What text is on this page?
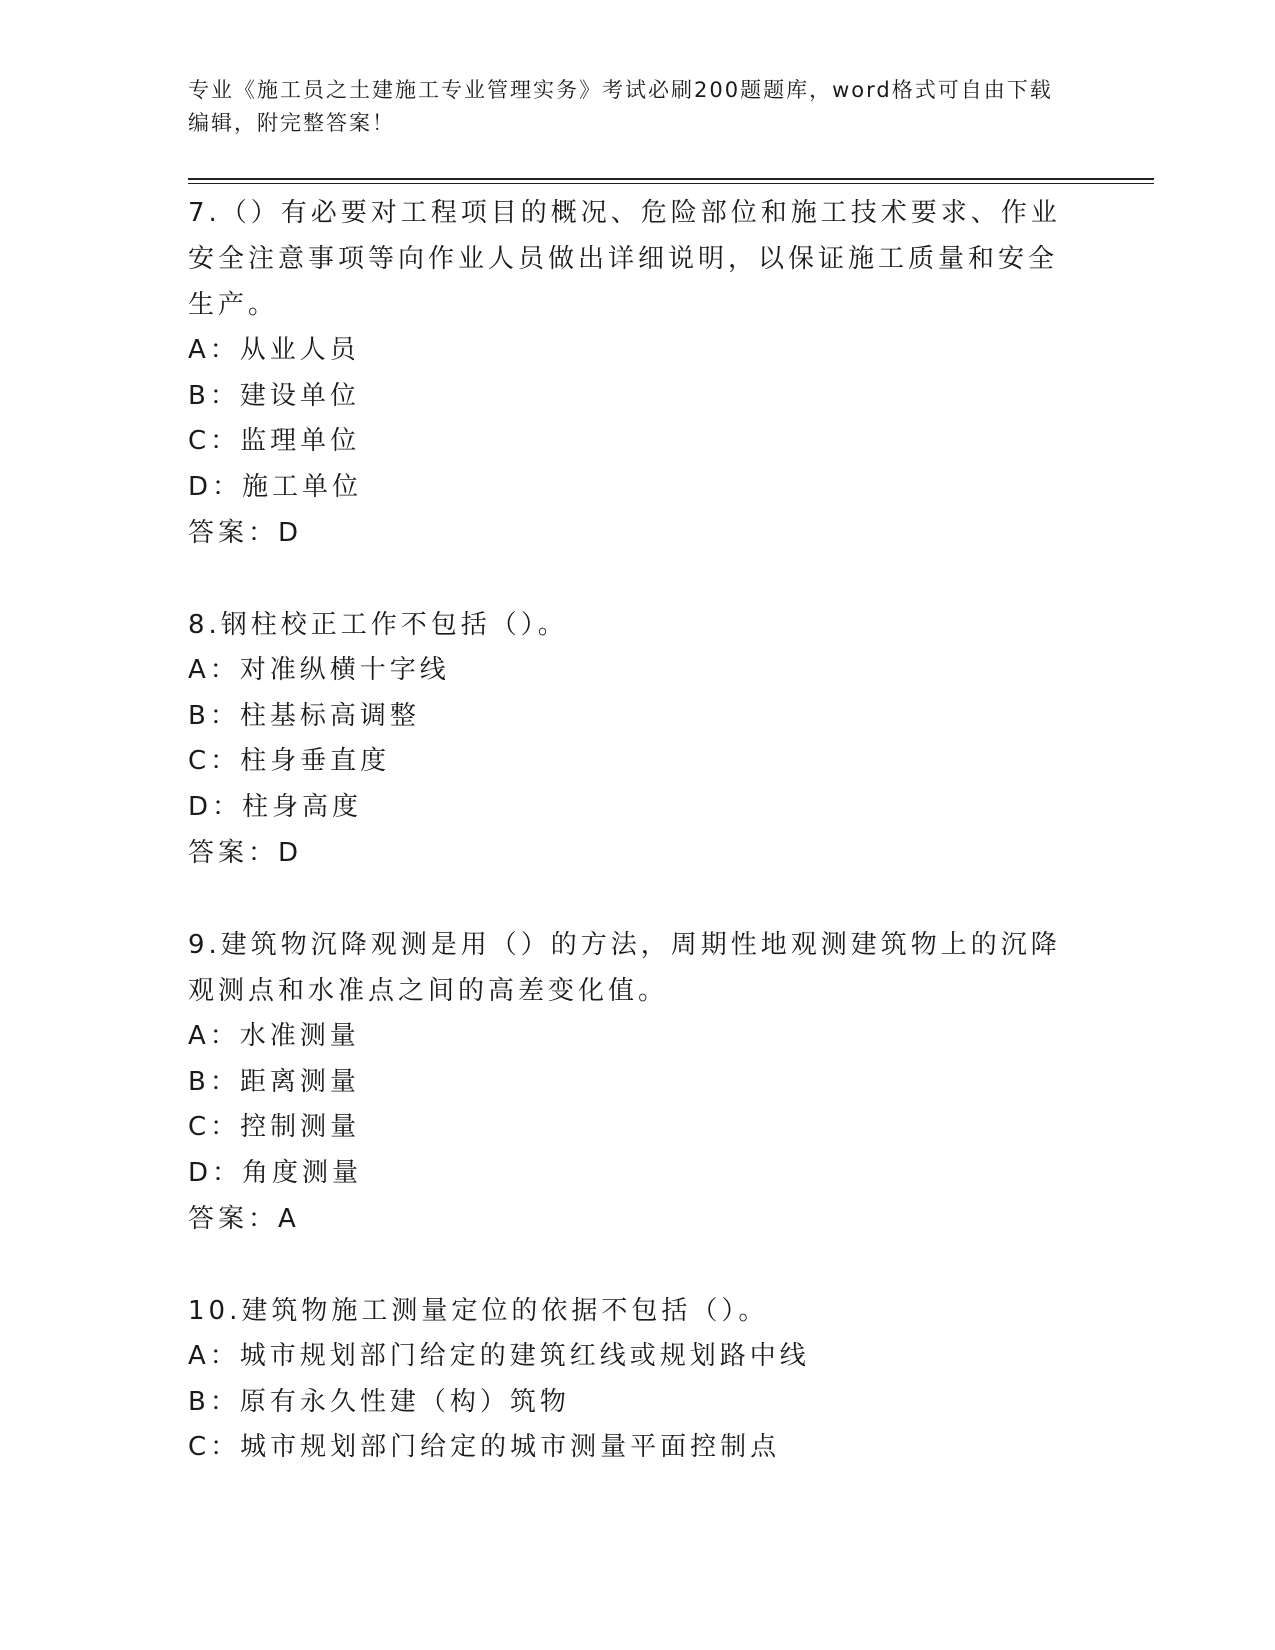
专业《施工员之土建施工专业管理实务》考试必刷200题题库，word格式可自由下载编辑，附完整答案！
7.（）有必要对工程项目的概况、危险部位和施工技术要求、作业安全注意事项等向作业人员做出详细说明，以保证施工质量和安全生产。
A：从业人员
B：建设单位
C：监理单位
D：施工单位
答案：D
8.钢柱校正工作不包括（）。
A：对准纵横十字线
B：柱基标高调整
C：柱身垂直度
D：柱身高度
答案：D
9.建筑物沉降观测是用（）的方法，周期性地观测建筑物上的沉降观测点和水准点之间的高差变化值。
A：水准测量
B：距离测量
C：控制测量
D：角度测量
答案：A
10.建筑物施工测量定位的依据不包括（）。
A：城市规划部门给定的建筑红线或规划路中线
B：原有永久性建（构）筑物
C：城市规划部门给定的城市测量平面控制点
